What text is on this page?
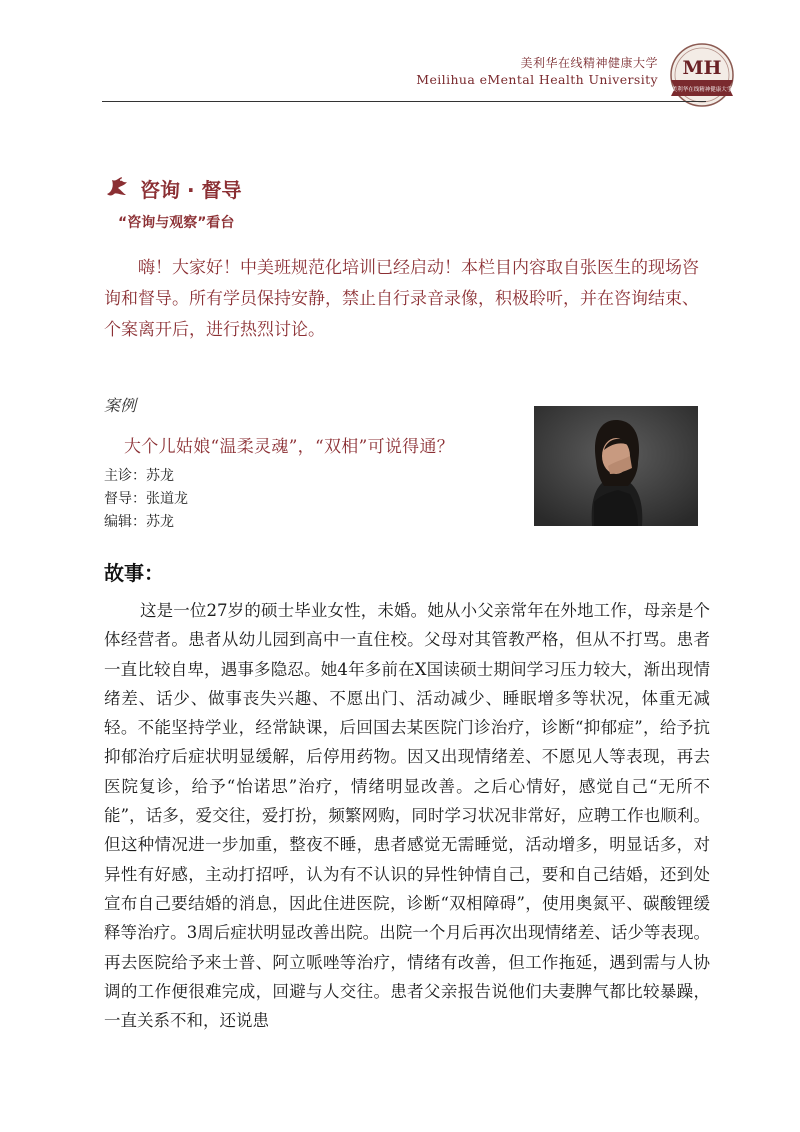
美利华在线精神健康大学
Meilihua eMental Health University
MH
美利华在线精神健康大学
咨询 · 督导
“咨询与观察”看台

嗨！大家好！中美班规范化培训已经启动！本栏目内容取自张医生的现场咨询和督导。所有学员保持安静，禁止自行录音录像，积极聆听，并在咨询结束、个案离开后，进行热烈讨论。

案例
大个儿姑娘“温柔灵魂”，“双相”可说得通？
主诊：苏龙
督导：张道龙
编辑：苏龙
故事：

这是一位27岁的硕士毕业女性，未婚。她从小父亲常年在外地工作，母亲是个体经营者。患者从幼儿园到高中一直住校。父母对其管教严格，但从不打骂。患者一直比较自卑，遇事多隐忍。她4年多前在X国读硕士期间学习压力较大，渐出现情绪差、话少、做事丧失兴趣、不愿出门、活动减少、睡眠增多等状况，体重无减轻。不能坚持学业，经常缺课，后回国去某医院门诊治疗，诊断“抑郁症”，给予抗抑郁治疗后症状明显缓解，后停用药物。因又出现情绪差、不愿见人等表现，再去医院复诊，给予“怡诺思”治疗，情绪明显改善。之后心情好，感觉自己“无所不能”，话多，爱交往，爱打扮，频繁网购，同时学习状况非常好，应聘工作也顺利。但这种情况进一步加重，整夜不睡，患者感觉无需睡觉，活动增多，明显话多，对异性有好感，主动打招呼，认为有不认识的异性钟情自己，要和自己结婚，还到处宣布自己要结婚的消息，因此住进医院，诊断“双相障碍”，使用奥氮平、碳酸锂缓释等治疗。3周后症状明显改善出院。出院一个月后再次出现情绪差、话少等表现。再去医院给予来士普、阿立哌唑等治疗，情绪有改善，但工作拖延，遇到需与人协调的工作便很难完成，回避与人交往。患者父亲报告说他们夫妻脾气都比较暴躁，一直关系不和，还说患
